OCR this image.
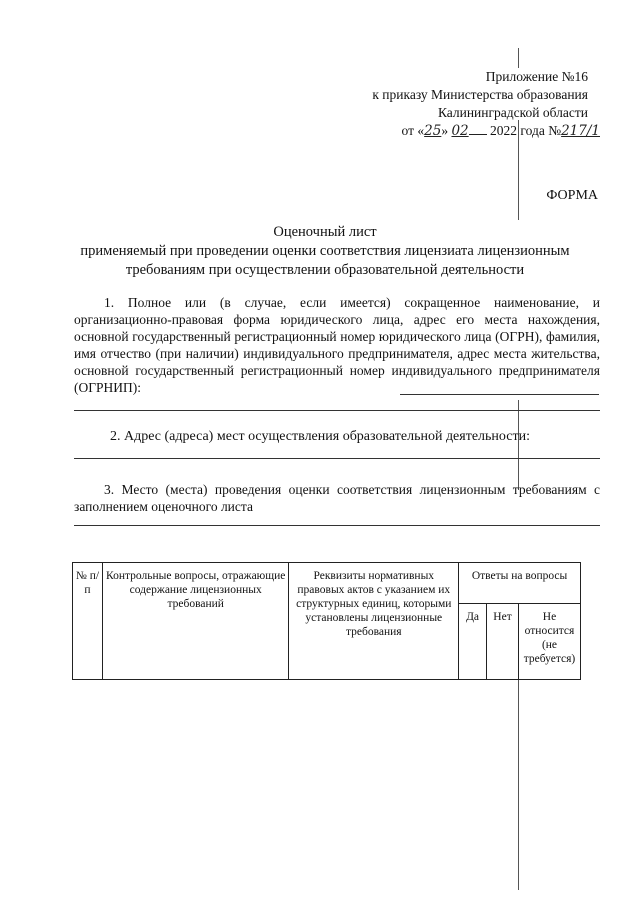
Приложение №16
к приказу Министерства образования
Калининградской области
от «25» 02 2022 года №217/1
ФОРМА
Оценочный лист
применяемый при проведении оценки соответствия лицензиата лицензионным
требованиям при осуществлении образовательной деятельности
1. Полное или (в случае, если имеется) сокращенное наименование, и организационно-правовая форма юридического лица, адрес его места нахождения, основной государственный регистрационный номер юридического лица (ОГРН), фамилия, имя отчество (при наличии) индивидуального предпринимателя, адрес места жительства, основной государственный регистрационный номер индивидуального предпринимателя (ОГРНИП):
2. Адрес (адреса) мест осуществления образовательной деятельности:
3. Место (места) проведения оценки соответствия лицензионным требованиям с заполнением оценочного листа
№ п/п	Контрольные вопросы, отражающие содержание лицензионных требований	Реквизиты нормативных правовых актов с указанием их структурных единиц, которыми установлены лицензионные требования	Ответы на вопросы		
			Да	Нет	Не относится (не требуется)
